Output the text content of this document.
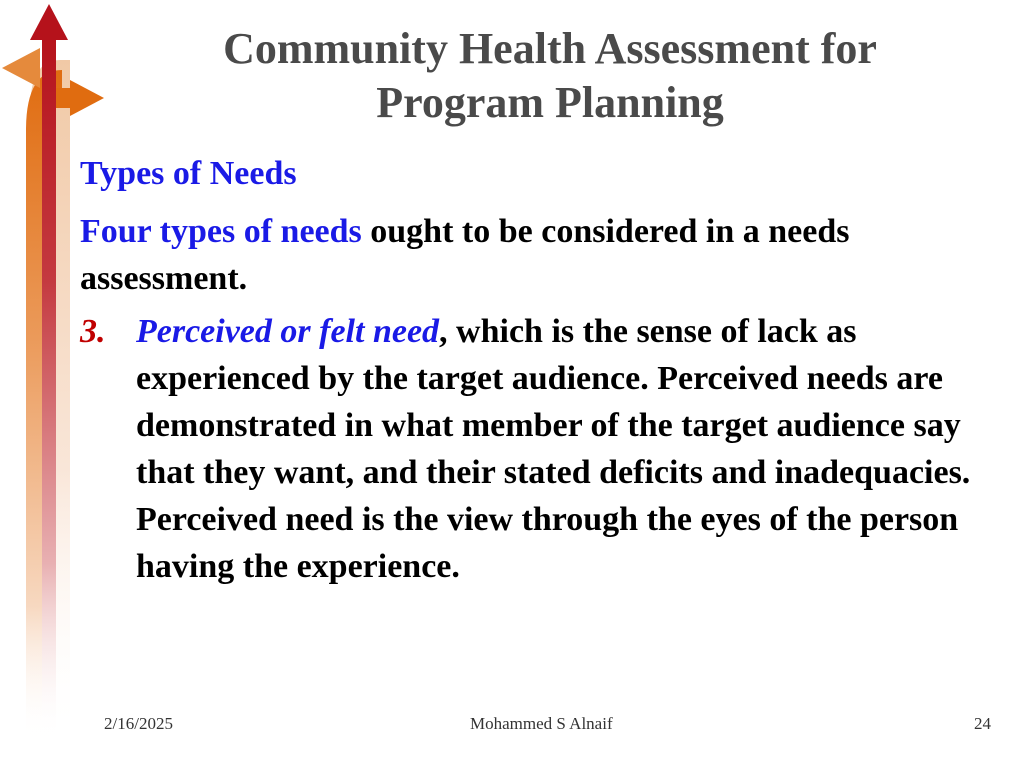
Community Health Assessment for
Program Planning
Types of Needs
Four types of needs ought to be considered in a needs assessment.
3. Perceived or felt need, which is the sense of lack as experienced by the target audience. Perceived needs are demonstrated in what member of the target audience say that they want, and their stated deficits and inadequacies. Perceived need is the view through the eyes of the person having the experience.
2/16/2025	Mohammed S Alnaif	24
